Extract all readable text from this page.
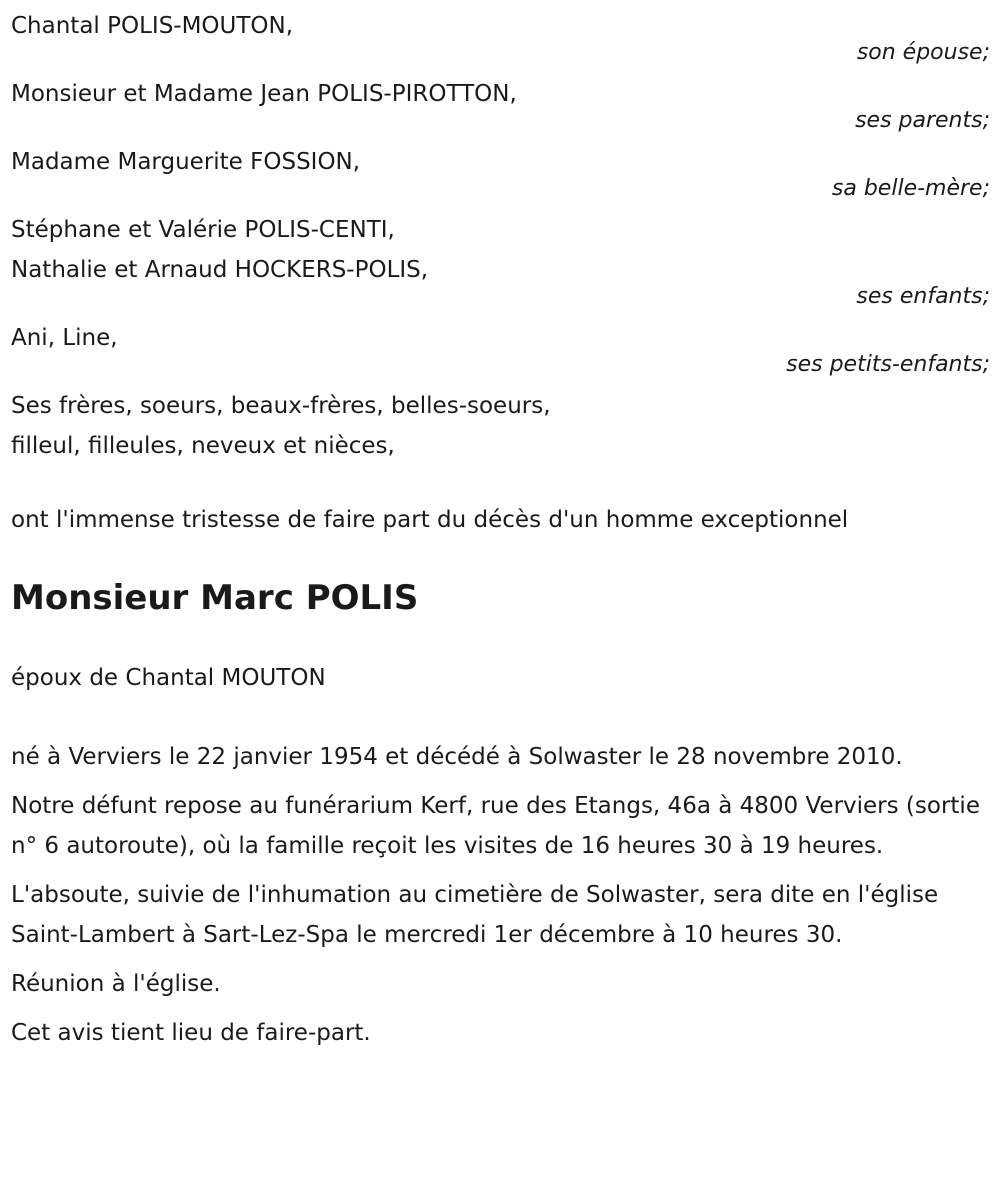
Chantal POLIS-MOUTON,
son épouse;
Monsieur et Madame Jean POLIS-PIROTTON,
ses parents;
Madame Marguerite FOSSION,
sa belle-mère;
Stéphane et Valérie POLIS-CENTI,
Nathalie et Arnaud HOCKERS-POLIS,
ses enfants;
Ani, Line,
ses petits-enfants;
Ses frères, soeurs, beaux-frères, belles-soeurs,
filleul, filleules, neveux et nièces,
ont l'immense tristesse de faire part du décès d'un homme exceptionnel
Monsieur Marc POLIS
époux de Chantal MOUTON

né à Verviers le 22 janvier 1954 et décédé à Solwaster le 28 novembre 2010.

Notre défunt repose au funérarium Kerf, rue des Etangs, 46a à 4800 Verviers (sortie n° 6 autoroute), où la famille reçoit les visites de 16 heures 30 à 19 heures.

L'absoute, suivie de l'inhumation au cimetière de Solwaster, sera dite en l'église Saint-Lambert à Sart-Lez-Spa le mercredi 1er décembre à 10 heures 30.

Réunion à l'église.

Cet avis tient lieu de faire-part.
